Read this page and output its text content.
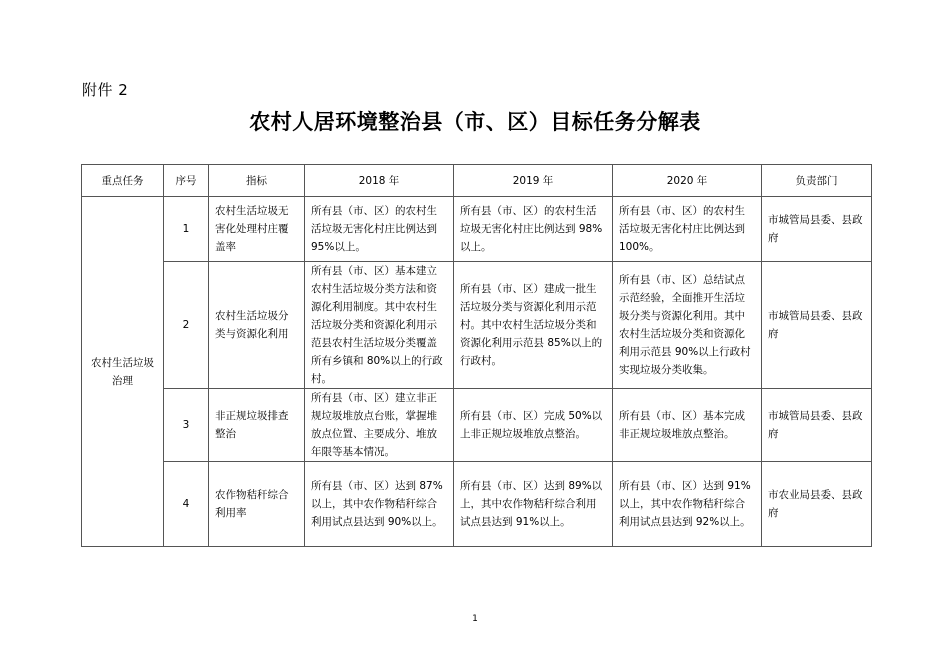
附件 2
农村人居环境整治县（市、区）目标任务分解表
重点任务	序号	指标	2018 年	2019 年	2020 年	负责部门
农村生活垃圾治理	1	农村生活垃圾无害化处理村庄覆盖率	所有县（市、区）的农村生活垃圾无害化村庄比例达到 95%以上。	所有县（市、区）的农村生活垃圾无害化村庄比例达到 98%以上。	所有县（市、区）的农村生活垃圾无害化村庄比例达到 100%。	市城管局县委、县政府
	2	农村生活垃圾分类与资源化利用	所有县（市、区）基本建立农村生活垃圾分类方法和资源化利用制度。其中农村生活垃圾分类和资源化利用示范县农村生活垃圾分类覆盖所有乡镇和 80%以上的行政村。	所有县（市、区）建成一批生活垃圾分类与资源化利用示范村。其中农村生活垃圾分类和资源化利用示范县 85%以上的行政村。	所有县（市、区）总结试点示范经验，全面推开生活垃圾分类与资源化利用。其中农村生活垃圾分类和资源化利用示范县 90%以上行政村实现垃圾分类收集。	市城管局县委、县政府
	3	非正规垃圾排查整治	所有县（市、区）建立非正规垃圾堆放点台账，掌握堆放点位置、主要成分、堆放年限等基本情况。	所有县（市、区）完成 50%以上非正规垃圾堆放点整治。	所有县（市、区）基本完成非正规垃圾堆放点整治。	市城管局县委、县政府
	4	农作物秸秆综合利用率	所有县（市、区）达到 87%以上，其中农作物秸秆综合利用试点县达到 90%以上。	所有县（市、区）达到 89%以上，其中农作物秸秆综合利用试点县达到 91%以上。	所有县（市、区）达到 91%以上，其中农作物秸秆综合利用试点县达到 92%以上。	市农业局县委、县政府
1
